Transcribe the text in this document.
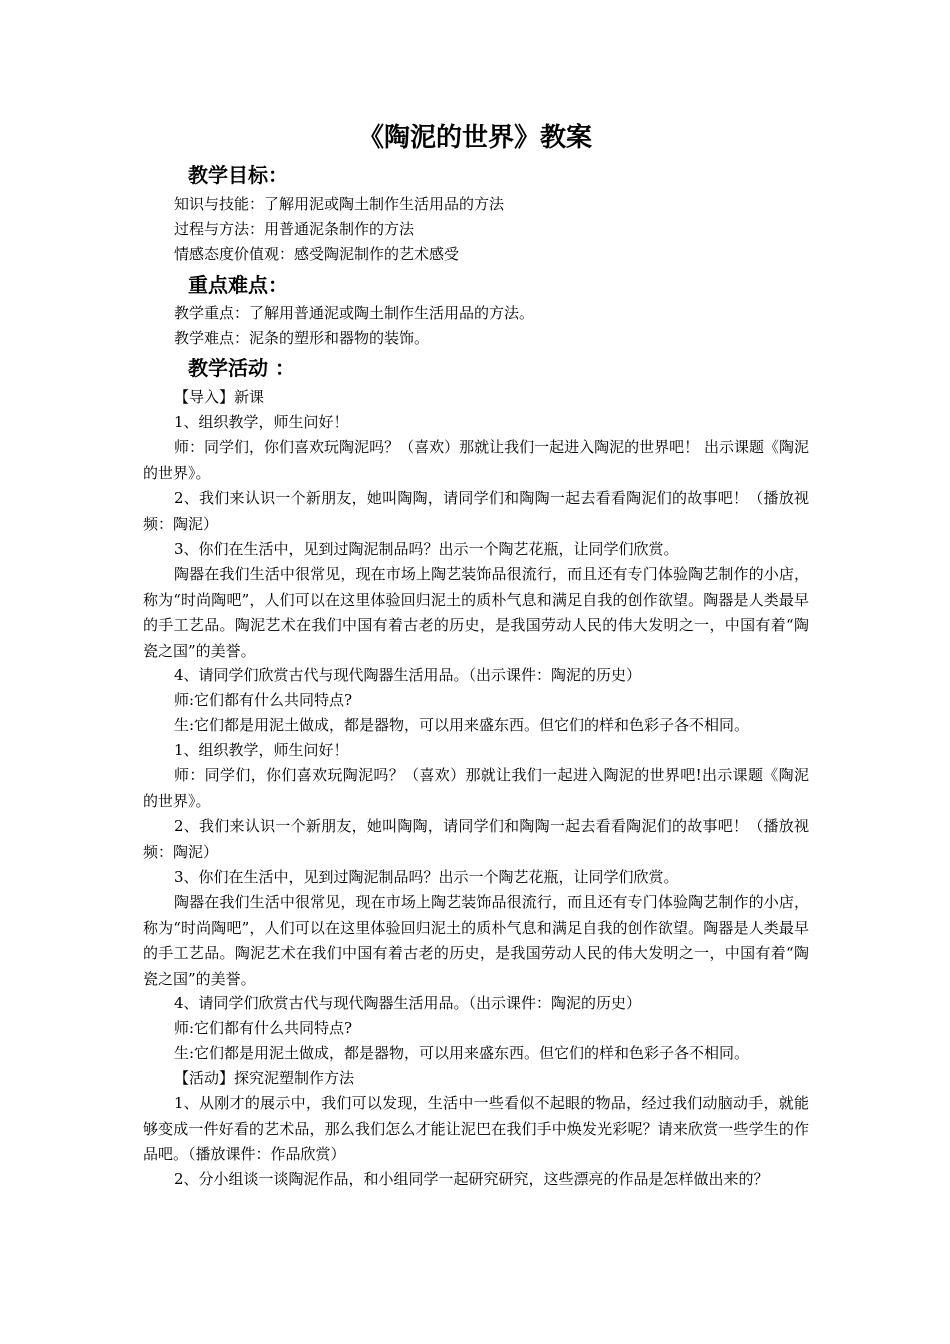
《陶泥的世界》教案
教学目标：
知识与技能：了解用泥或陶土制作生活用品的方法
过程与方法：用普通泥条制作的方法
情感态度价值观：感受陶泥制作的艺术感受
重点难点：
教学重点：了解用普通泥或陶土制作生活用品的方法。
教学难点：泥条的塑形和器物的装饰。
教学活动 ：
【导入】新课
1、组织教学，师生问好！
师：同学们，你们喜欢玩陶泥吗？（喜欢）那就让我们一起进入陶泥的世界吧！ 出示课题《陶泥的世界》。
2、我们来认识一个新朋友，她叫陶陶，请同学们和陶陶一起去看看陶泥们的故事吧！（播放视频：陶泥）
3、你们在生活中，见到过陶泥制品吗？出示一个陶艺花瓶，让同学们欣赏。
陶器在我们生活中很常见，现在市场上陶艺装饰品很流行，而且还有专门体验陶艺制作的小店，称为“时尚陶吧”，人们可以在这里体验回归泥土的质朴气息和满足自我的创作欲望。陶器是人类最早的手工艺品。陶泥艺术在我们中国有着古老的历史，是我国劳动人民的伟大发明之一，中国有着“陶瓷之国”的美誉。
4、请同学们欣赏古代与现代陶器生活用品。（出示课件：陶泥的历史）
师:它们都有什么共同特点?
生:它们都是用泥土做成，都是器物，可以用来盛东西。但它们的样和色彩子各不相同。
1、组织教学，师生问好！
师：同学们，你们喜欢玩陶泥吗？（喜欢）那就让我们一起进入陶泥的世界吧!出示课题《陶泥的世界》。
2、我们来认识一个新朋友，她叫陶陶，请同学们和陶陶一起去看看陶泥们的故事吧！（播放视频：陶泥）
3、你们在生活中，见到过陶泥制品吗？出示一个陶艺花瓶，让同学们欣赏。
陶器在我们生活中很常见，现在市场上陶艺装饰品很流行，而且还有专门体验陶艺制作的小店，称为“时尚陶吧”，人们可以在这里体验回归泥土的质朴气息和满足自我的创作欲望。陶器是人类最早的手工艺品。陶泥艺术在我们中国有着古老的历史，是我国劳动人民的伟大发明之一，中国有着“陶瓷之国”的美誉。
4、请同学们欣赏古代与现代陶器生活用品。（出示课件：陶泥的历史）
师:它们都有什么共同特点?
生:它们都是用泥土做成，都是器物，可以用来盛东西。但它们的样和色彩子各不相同。
【活动】探究泥塑制作方法
1、从刚才的展示中，我们可以发现，生活中一些看似不起眼的物品，经过我们动脑动手，就能够变成一件好看的艺术品，那么我们怎么才能让泥巴在我们手中焕发光彩呢？请来欣赏一些学生的作品吧。（播放课件：作品欣赏）
2、分小组谈一谈陶泥作品，和小组同学一起研究研究，这些漂亮的作品是怎样做出来的？
